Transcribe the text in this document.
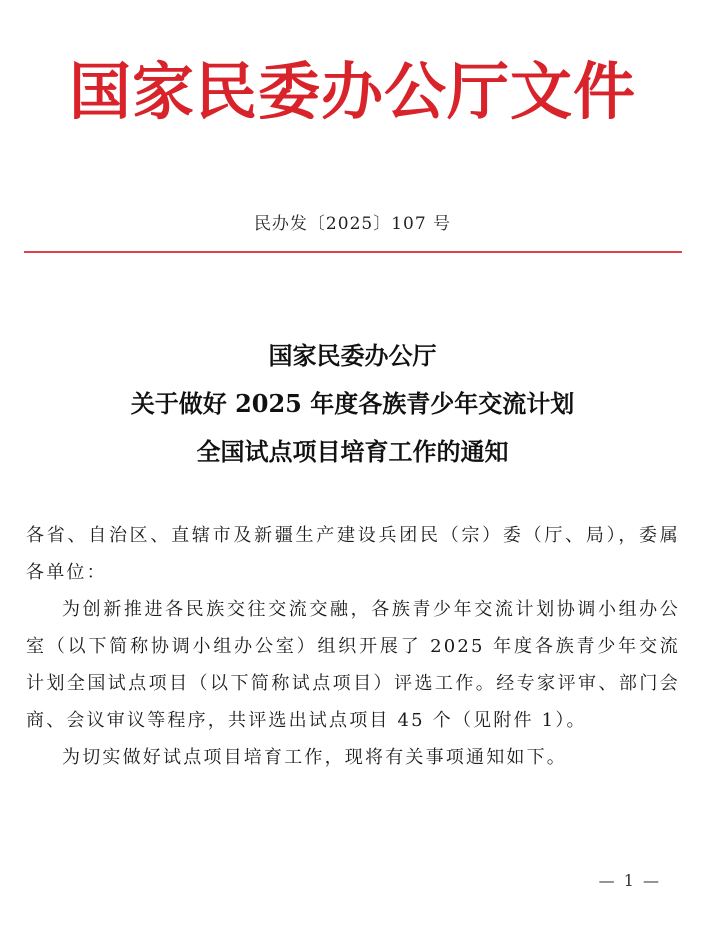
国家民委办公厅文件
民办发〔2025〕107 号
国家民委办公厅
关于做好 2025 年度各族青少年交流计划
全国试点项目培育工作的通知

各省、自治区、直辖市及新疆生产建设兵团民（宗）委（厅、局），委属各单位：

为创新推进各民族交往交流交融，各族青少年交流计划协调小组办公室（以下简称协调小组办公室）组织开展了 2025 年度各族青少年交流计划全国试点项目（以下简称试点项目）评选工作。经专家评审、部门会商、会议审议等程序，共评选出试点项目 45 个（见附件 1）。

为切实做好试点项目培育工作，现将有关事项通知如下。

— 1 —
